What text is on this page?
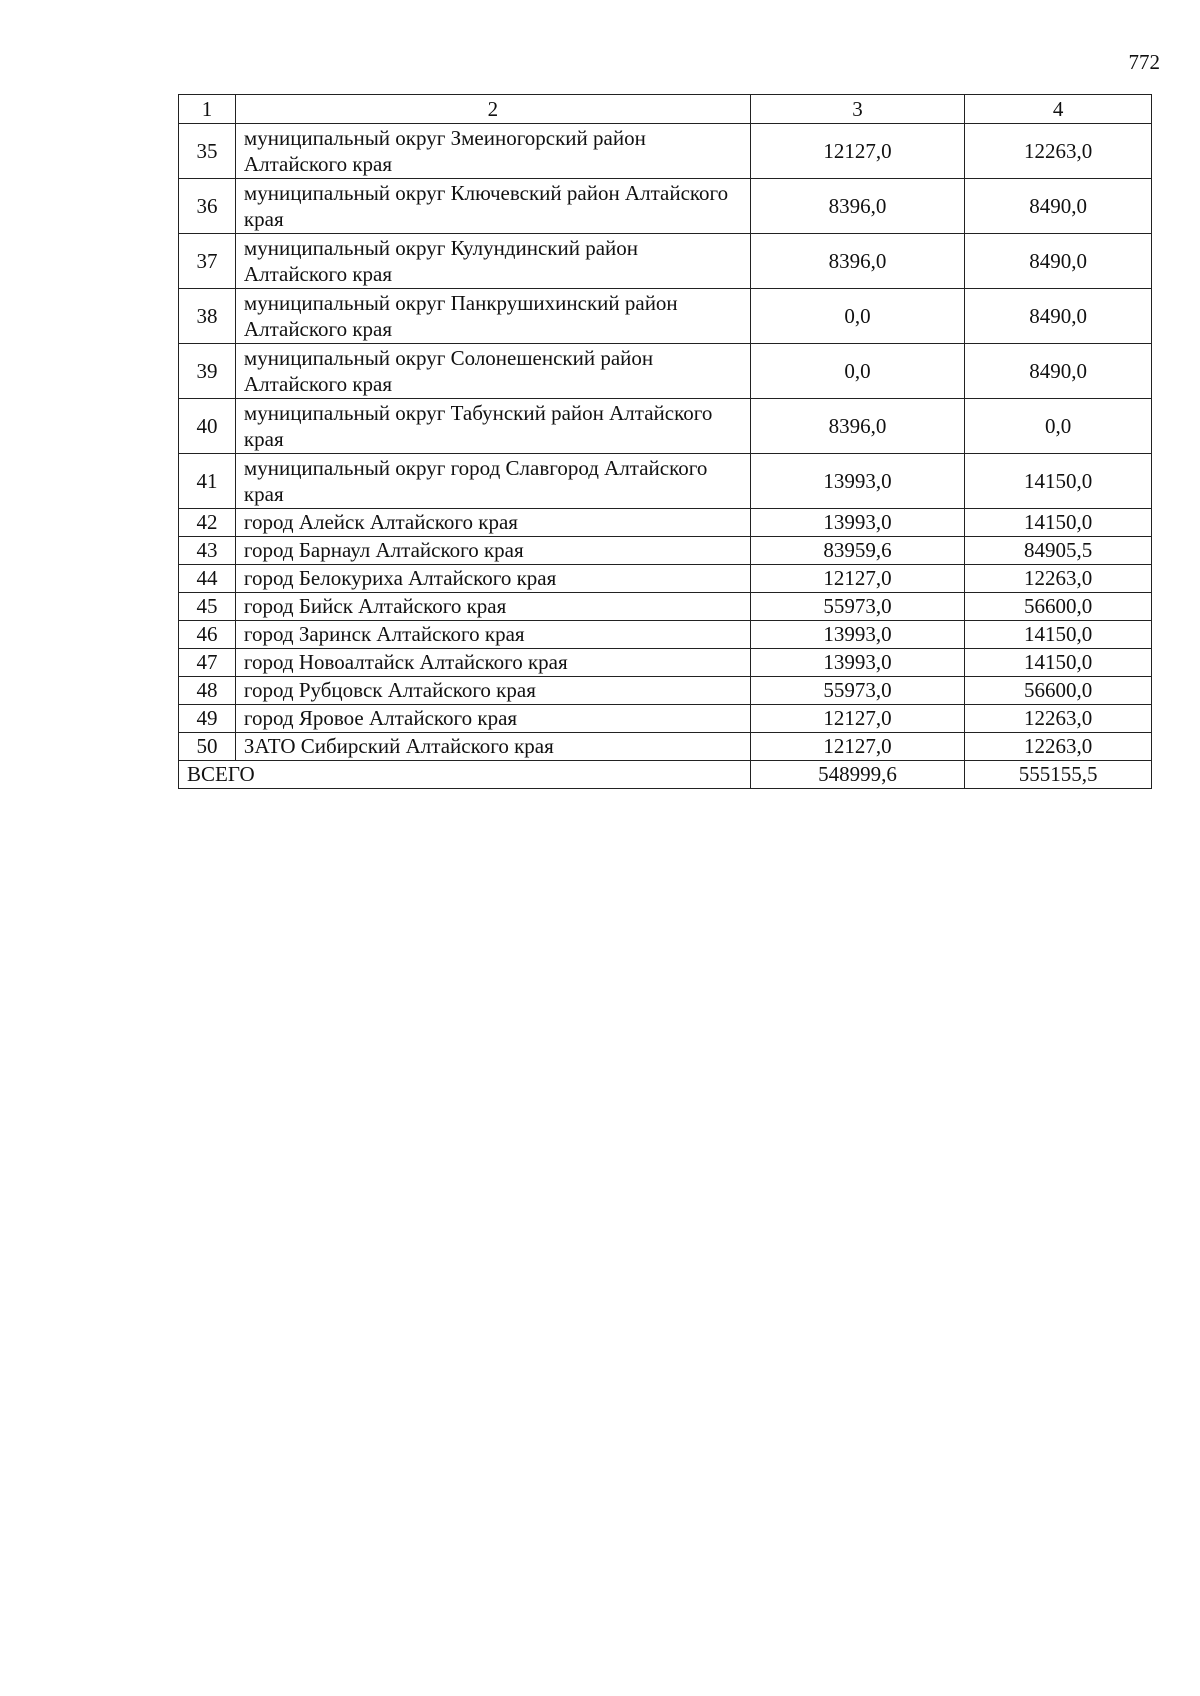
772
1	2	3	4
35	муниципальный округ Змеиногорский район Алтайского края	12127,0	12263,0
36	муниципальный округ Ключевский район Алтайского края	8396,0	8490,0
37	муниципальный округ Кулундинский район Алтайского края	8396,0	8490,0
38	муниципальный округ Панкрушихинский район Алтайского края	0,0	8490,0
39	муниципальный округ Солонешенский район Алтайского края	0,0	8490,0
40	муниципальный округ Табунский район Алтайского края	8396,0	0,0
41	муниципальный округ город Славгород Алтайского края	13993,0	14150,0
42	город Алейск Алтайского края	13993,0	14150,0
43	город Барнаул Алтайского края	83959,6	84905,5
44	город Белокуриха Алтайского края	12127,0	12263,0
45	город Бийск Алтайского края	55973,0	56600,0
46	город Заринск Алтайского края	13993,0	14150,0
47	город Новоалтайск Алтайского края	13993,0	14150,0
48	город Рубцовск Алтайского края	55973,0	56600,0
49	город Яровое Алтайского края	12127,0	12263,0
50	ЗАТО Сибирский Алтайского края	12127,0	12263,0
ВСЕГО		548999,6	555155,5
